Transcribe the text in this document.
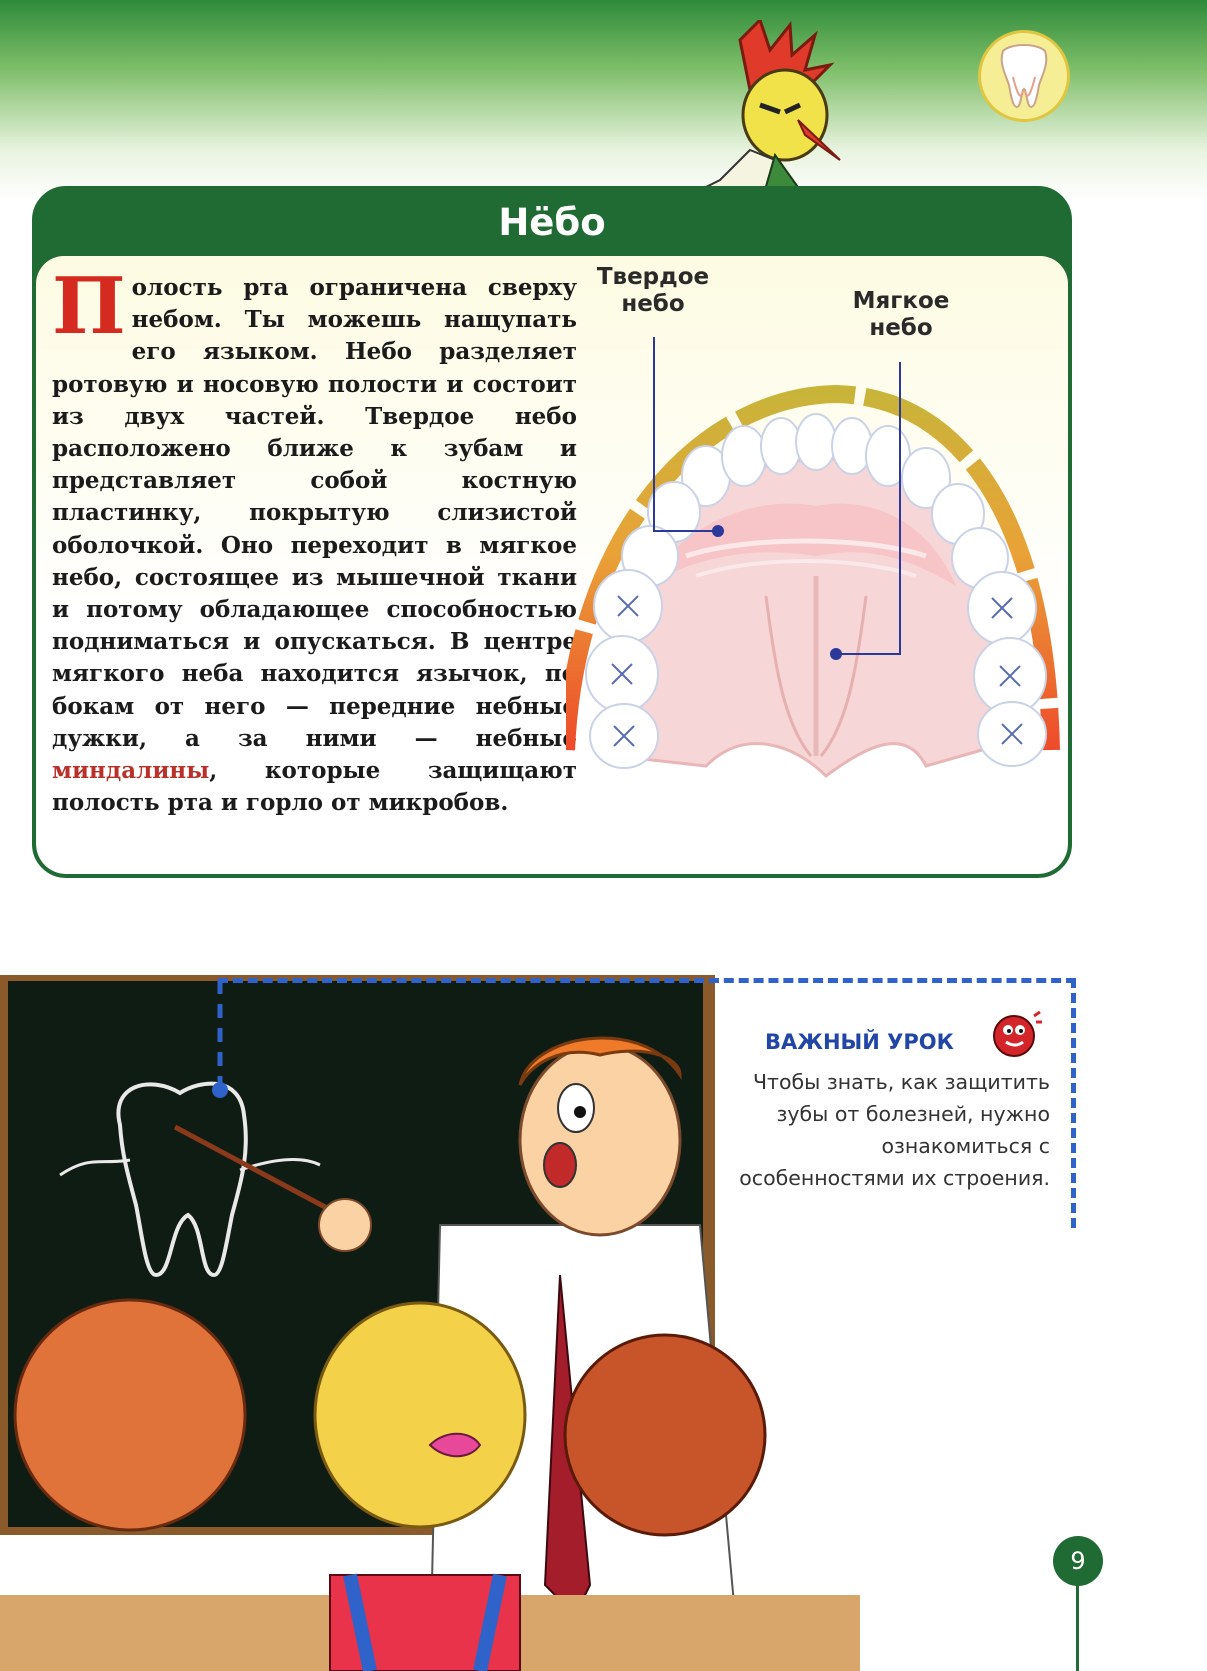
Нёбо

Полость рта ограничена сверху небом. Ты можешь нащупать его языком. Небо разделяет ротовую и носовую полости и состоит из двух частей. Твердое небо расположено ближе к зубам и представляет собой костную пластинку, покрытую слизистой оболочкой. Оно переходит в мягкое небо, состоящее из мышечной ткани и потому обладающее способностью подниматься и опускаться. В центре мягкого неба находится язычок, по бокам от него — передние небные дужки, а за ними — небные миндалины, которые защищают полость рта и горло от микробов.

Твердое
небо	Мягкое
небо
ВАЖНЫЙ УРОК

Чтобы знать, как защитить зубы от болезней, нужно ознакомиться с особенностями их строения.

9
